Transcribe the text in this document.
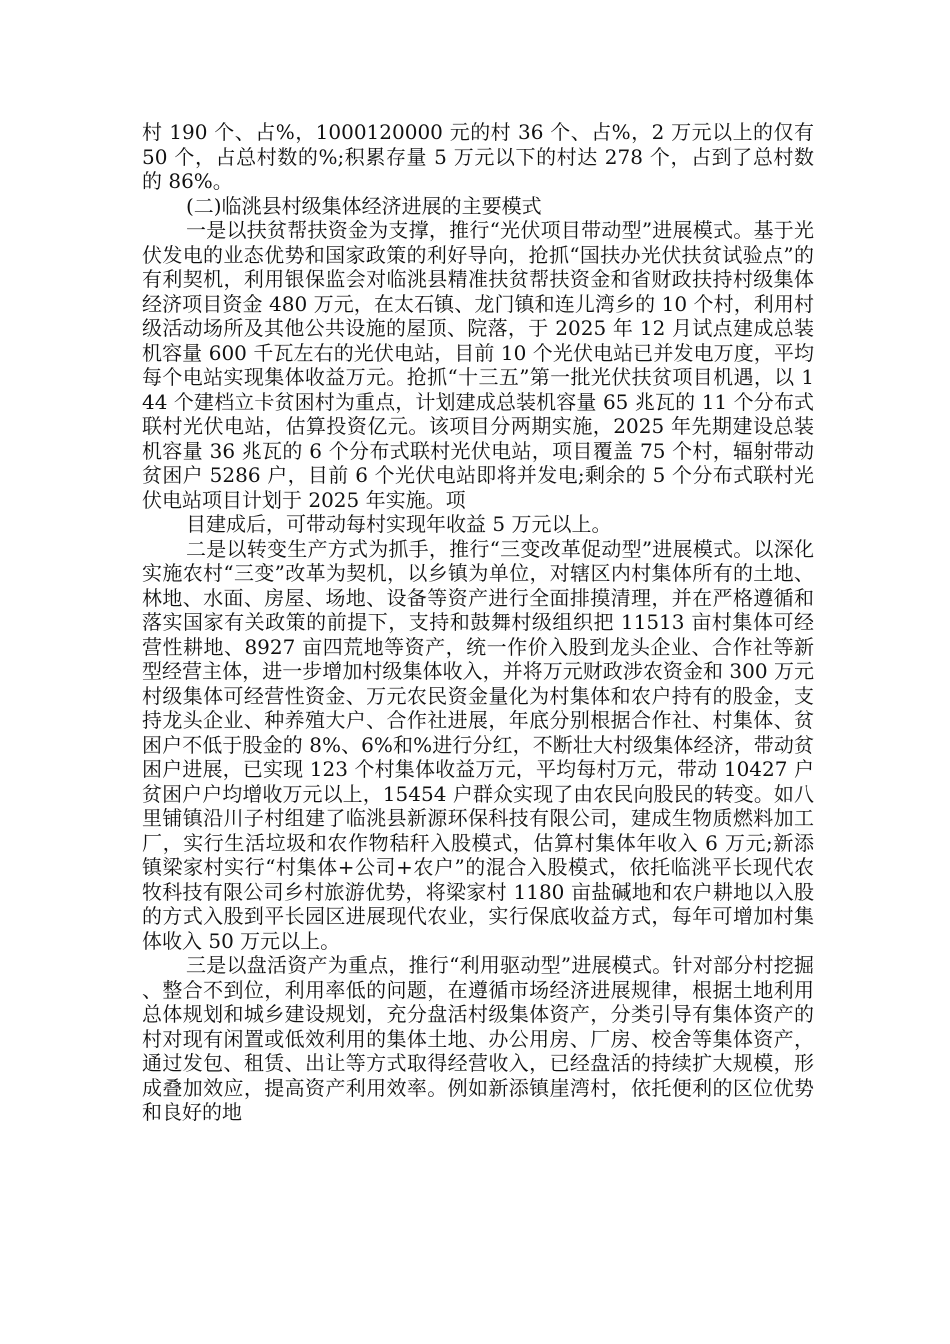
村 190 个、占%，1000120000 元的村 36 个、占%，2 万元以上的仅有 50 个，占总村数的%;积累存量 5 万元以下的村达 278 个，占到了总村数的 86%。

(二)临洮县村级集体经济进展的主要模式

一是以扶贫帮扶资金为支撑，推行“光伏项目带动型”进展模式。基于光伏发电的业态优势和国家政策的利好导向，抢抓“国扶办光伏扶贫试验点”的有利契机，利用银保监会对临洮县精准扶贫帮扶资金和省财政扶持村级集体经济项目资金 480 万元，在太石镇、龙门镇和连儿湾乡的 10 个村，利用村级活动场所及其他公共设施的屋顶、院落，于 2025 年 12 月试点建成总装机容量 600 千瓦左右的光伏电站，目前 10 个光伏电站已并发电万度，平均每个电站实现集体收益万元。抢抓“十三五”第一批光伏扶贫项目机遇，以 144 个建档立卡贫困村为重点，计划建成总装机容量 65 兆瓦的 11 个分布式联村光伏电站，估算投资亿元。该项目分两期实施，2025 年先期建设总装机容量 36 兆瓦的 6 个分布式联村光伏电站，项目覆盖 75 个村，辐射带动贫困户 5286 户，目前 6 个光伏电站即将并发电;剩余的 5 个分布式联村光伏电站项目计划于 2025 年实施。项

目建成后，可带动每村实现年收益 5 万元以上。

二是以转变生产方式为抓手，推行“三变改革促动型”进展模式。以深化实施农村“三变”改革为契机，以乡镇为单位，对辖区内村集体所有的土地、林地、水面、房屋、场地、设备等资产进行全面排摸清理，并在严格遵循和落实国家有关政策的前提下，支持和鼓舞村级组织把 11513 亩村集体可经营性耕地、8927 亩四荒地等资产，统一作价入股到龙头企业、合作社等新型经营主体，进一步增加村级集体收入，并将万元财政涉农资金和 300 万元村级集体可经营性资金、万元农民资金量化为村集体和农户持有的股金，支持龙头企业、种养殖大户、合作社进展，年底分别根据合作社、村集体、贫困户不低于股金的 8%、6%和%进行分红，不断壮大村级集体经济，带动贫困户进展，已实现 123 个村集体收益万元，平均每村万元，带动 10427 户贫困户户均增收万元以上，15454 户群众实现了由农民向股民的转变。如八里铺镇沿川子村组建了临洮县新源环保科技有限公司，建成生物质燃料加工厂，实行生活垃圾和农作物秸秆入股模式，估算村集体年收入 6 万元;新添镇梁家村实行“村集体+公司+农户”的混合入股模式，依托临洮平长现代农牧科技有限公司乡村旅游优势，将梁家村 1180 亩盐碱地和农户耕地以入股的方式入股到平长园区进展现代农业，实行保底收益方式，每年可增加村集体收入 50 万元以上。

三是以盘活资产为重点，推行“利用驱动型”进展模式。针对部分村挖掘、整合不到位，利用率低的问题，在遵循市场经济进展规律，根据土地利用总体规划和城乡建设规划，充分盘活村级集体资产，分类引导有集体资产的村对现有闲置或低效利用的集体土地、办公用房、厂房、校舍等集体资产，通过发包、租赁、出让等方式取得经营收入，已经盘活的持续扩大规模，形成叠加效应，提高资产利用效率。例如新添镇崖湾村，依托便利的区位优势和良好的地
